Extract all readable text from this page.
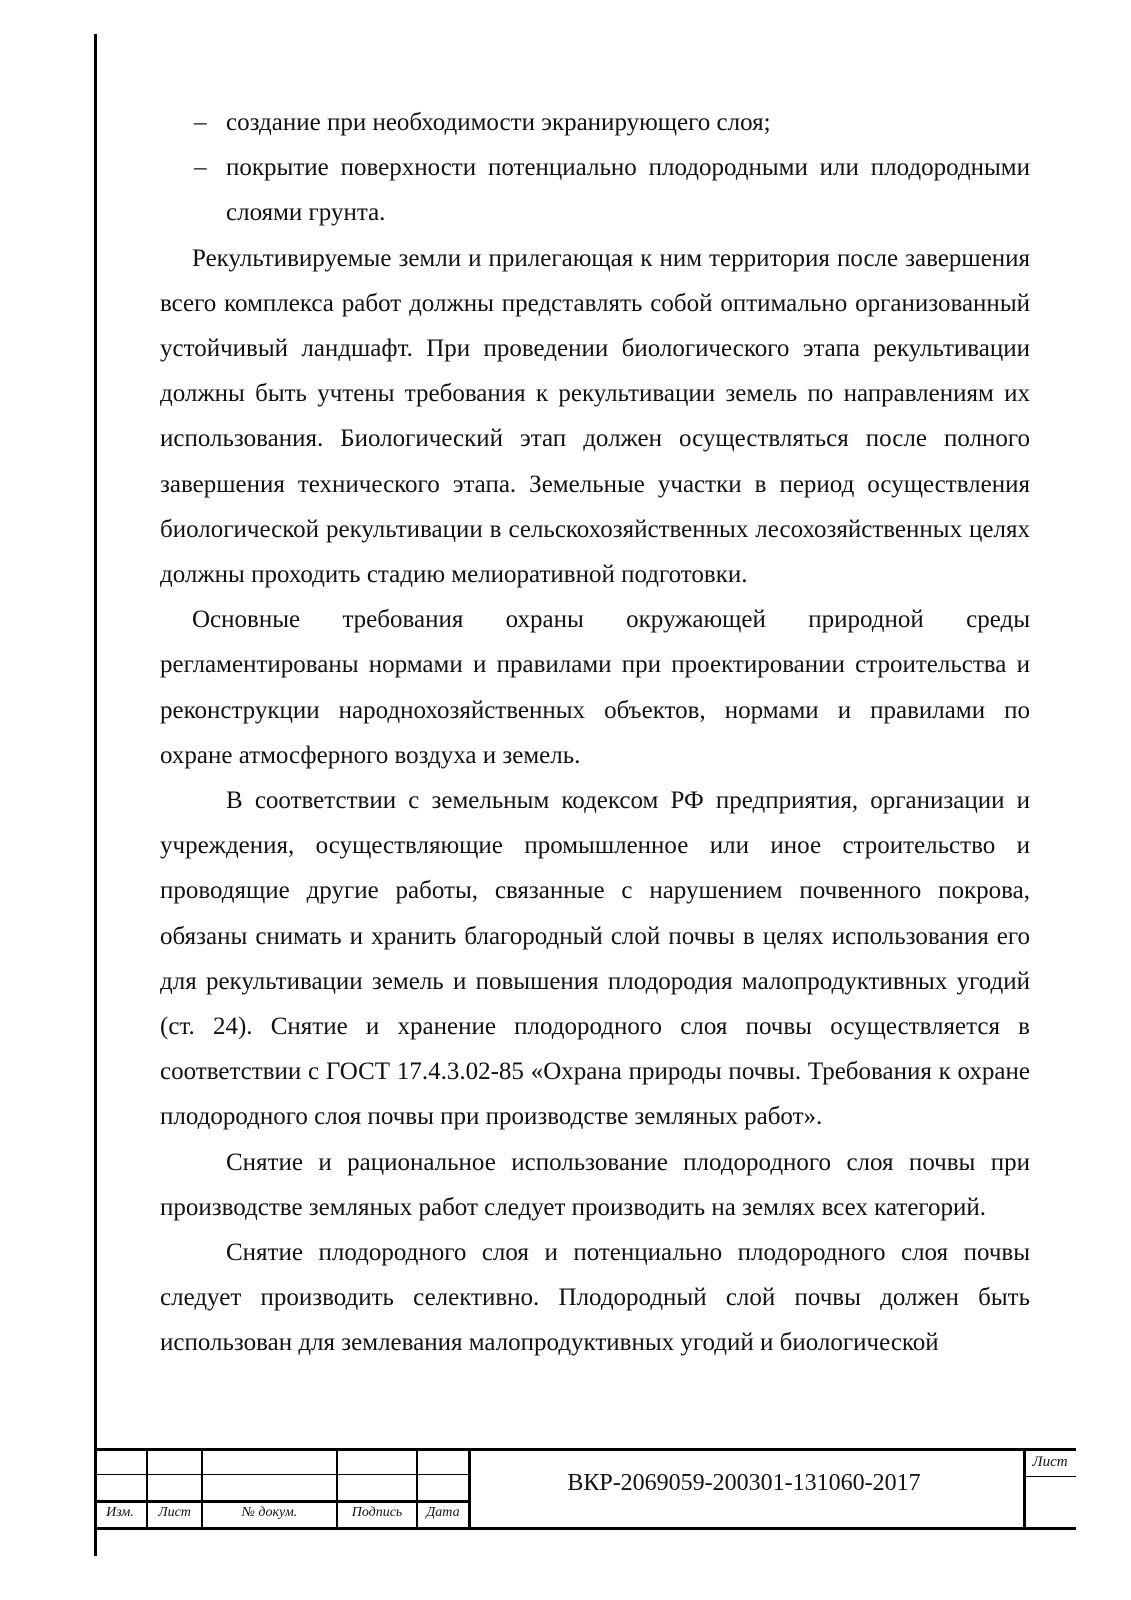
– создание при необходимости экранирующего слоя;
– покрытие поверхности потенциально плодородными или плодородными слоями грунта.

Рекультивируемые земли и прилегающая к ним территория после завершения всего комплекса работ должны представлять собой оптимально организованный устойчивый ландшафт. При проведении биологического этапа рекультивации должны быть учтены требования к рекультивации земель по направлениям их использования. Биологический этап должен осуществляться после полного завершения технического этапа. Земельные участки в период осуществления биологической рекультивации в сельскохозяйственных лесохозяйственных целях должны проходить стадию мелиоративной подготовки.

Основные требования охраны окружающей природной среды регламентированы нормами и правилами при проектировании строительства и реконструкции народнохозяйственных объектов, нормами и правилами по охране атмосферного воздуха и земель.

В соответствии с земельным кодексом РФ предприятия, организации и учреждения, осуществляющие промышленное или иное строительство и проводящие другие работы, связанные с нарушением почвенного покрова, обязаны снимать и хранить благородный слой почвы в целях использования его для рекультивации земель и повышения плодородия малопродуктивных угодий (ст. 24). Снятие и хранение плодородного слоя почвы осуществляется в соответствии с ГОСТ 17.4.3.02-85 «Охрана природы почвы. Требования к охране плодородного слоя почвы при производстве земляных работ».

Снятие и рациональное использование плодородного слоя почвы при производстве земляных работ следует производить на землях всех категорий.

Снятие плодородного слоя и потенциально плодородного слоя почвы следует производить селективно. Плодородный слой почвы должен быть использован для землевания малопродуктивных угодий и биологической

Изм.	Лист	№ докум.	Подпись	Дата
ВКР-2069059-200301-131060-2017
Лист
